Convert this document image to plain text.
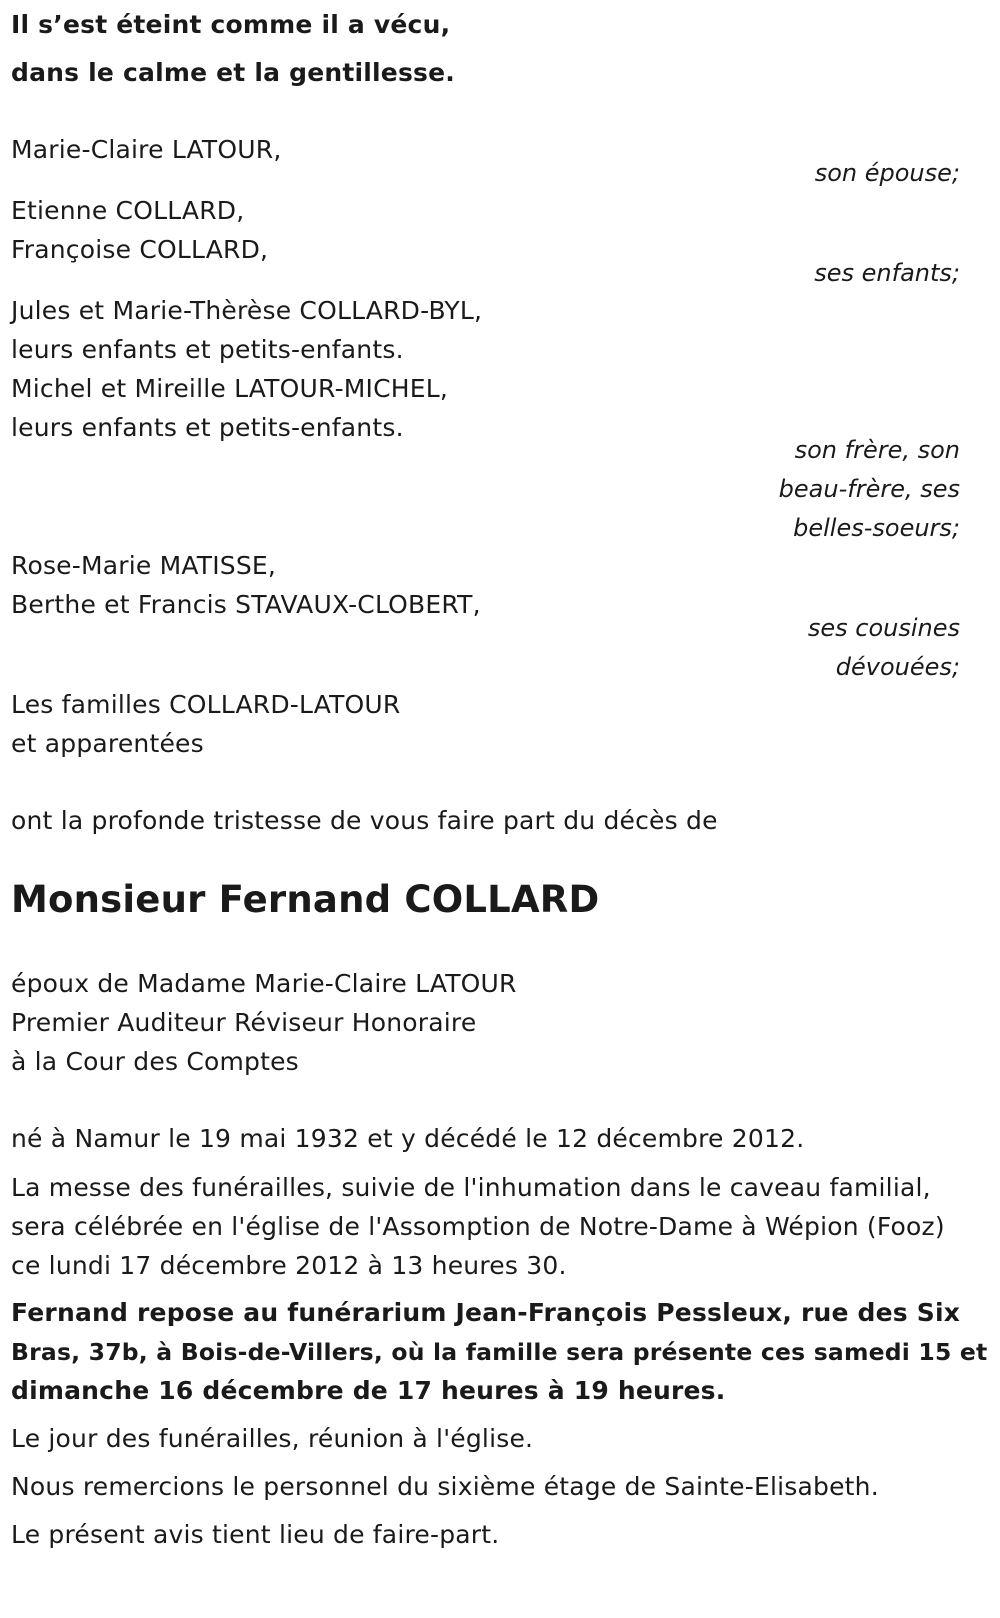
Il s’est éteint comme il a vécu,

dans le calme et la gentillesse.

Marie-Claire LATOUR,

son épouse;

Etienne COLLARD,

Françoise COLLARD,

ses enfants;

Jules et Marie-Thèrèse COLLARD-BYL,

leurs enfants et petits-enfants.

Michel et Mireille LATOUR-MICHEL,

leurs enfants et petits-enfants.

son frère, son

beau-frère, ses

belles-soeurs;

Rose-Marie MATISSE,

Berthe et Francis STAVAUX-CLOBERT,

ses cousines

dévouées;

Les familles COLLARD-LATOUR

et apparentées

ont la profonde tristesse de vous faire part du décès de

Monsieur Fernand COLLARD

époux de Madame Marie-Claire LATOUR

Premier Auditeur Réviseur Honoraire

à la Cour des Comptes

né à Namur le 19 mai 1932 et y décédé le 12 décembre 2012.

La messe des funérailles, suivie de l'inhumation dans le caveau familial,

sera célébrée en l'église de l'Assomption de Notre-Dame à Wépion (Fooz)

ce lundi 17 décembre 2012 à 13 heures 30.

Fernand repose au funérarium Jean-François Pessleux, rue des Six

Bras, 37b, à Bois-de-Villers, où la famille sera présente ces samedi 15 et

dimanche 16 décembre de 17 heures à 19 heures.

Le jour des funérailles, réunion à l'église.

Nous remercions le personnel du sixième étage de Sainte-Elisabeth.

Le présent avis tient lieu de faire-part.
